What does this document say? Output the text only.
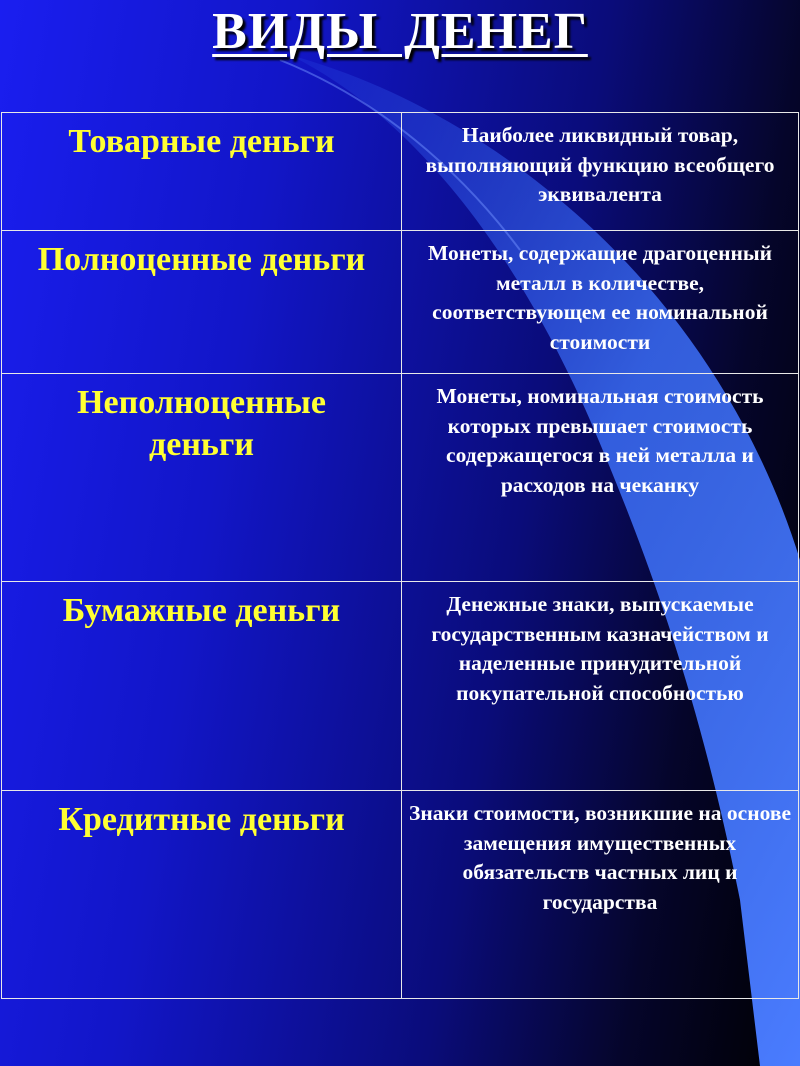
ВИДЫ ДЕНЕГ
Товарные деньги	Наиболее ликвидный товар, выполняющий функцию всеобщего эквивалента

Полноценные деньги	Монеты, содержащие драгоценный металл в количестве, соответствующем ее номинальной стоимости

Неполноценные деньги	Монеты, номинальная стоимость которых превышает стоимость содержащегося в ней металла и расходов на чеканку

Бумажные деньги	Денежные знаки, выпускаемые государственным казначейством и наделенные принудительной покупательной способностью

Кредитные деньги	Знаки стоимости, возникшие на основе замещения имущественных обязательств частных лиц и государства
